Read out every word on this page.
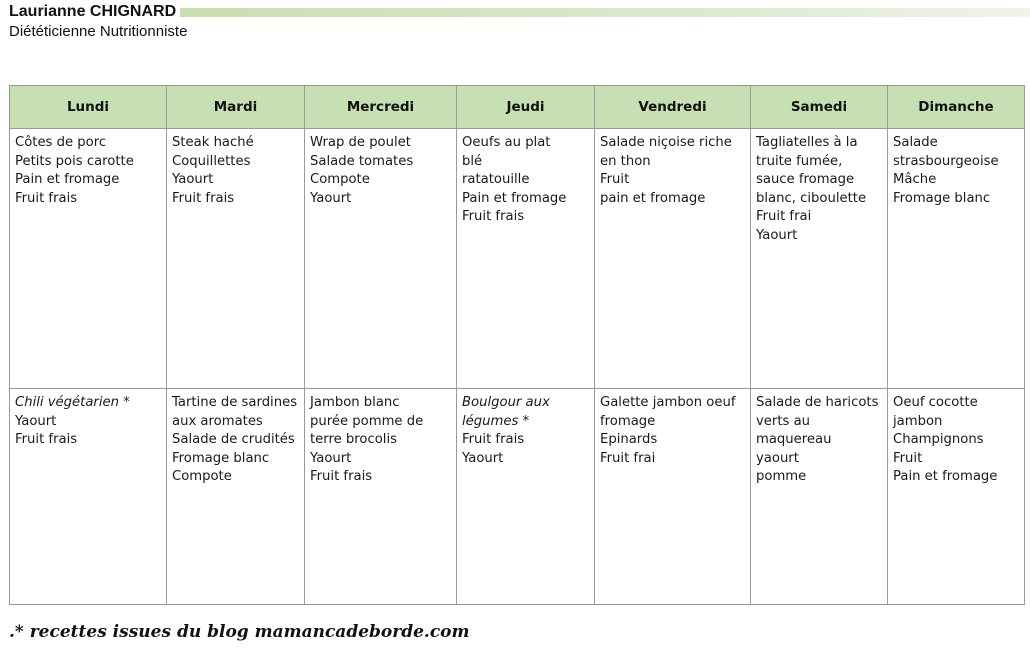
Laurianne CHIGNARD
Diététicienne Nutritionniste
Lundi	Mardi	Mercredi	Jeudi	Vendredi	Samedi	Dimanche

Côtes de porc
Petits pois carotte
Pain et fromage
Fruit frais	Steak haché
Coquillettes
Yaourt
Fruit frais	Wrap de poulet
Salade tomates
Compote
Yaourt	Oeufs au plat
blé
ratatouille
Pain et fromage
Fruit frais	Salade niçoise riche en thon
Fruit
pain et fromage	Tagliatelles à la truite fumée, sauce fromage blanc, ciboulette
Fruit frai
Yaourt	Salade strasbourgeoise
Mâche
Fromage blanc

Chili végétarien *
Yaourt
Fruit frais	Tartine de sardines aux aromates
Salade de crudités
Fromage blanc
Compote	Jambon blanc
purée pomme de terre brocolis
Yaourt
Fruit frais	Boulgour aux légumes *
Fruit frais
Yaourt	Galette jambon oeuf fromage
Epinards
Fruit frai	Salade de haricots verts au maquereau
yaourt
pomme	Oeuf cocotte
jambon
Champignons
Fruit
Pain et fromage
.* recettes issues du blog mamancadeborde.com
